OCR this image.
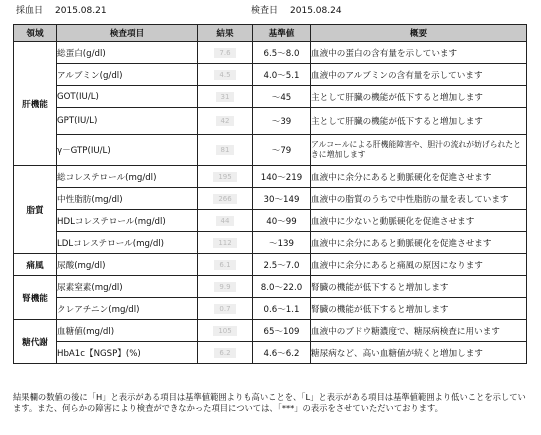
採血日 2015.08.21	検査日 2015.08.24
領域	検査項目	結果	基準値	概要
肝機能	総蛋白(g/dl)	7.6	6.5～8.0	血液中の蛋白の含有量を示しています
	アルブミン(g/dl)	4.5	4.0～5.1	血液中のアルブミンの含有量を示しています
	GOT(IU/L)	31	～45	主として肝臓の機能が低下すると増加します
	GPT(IU/L)	42	～39	主として肝臓の機能が低下すると増加します
	γ－GTP(IU/L)	81	～79	アルコールによる肝機能障害や、胆汁の流れが妨げられたときに増加します
脂質	総コレステロール(mg/dl)	195	140～219	血液中に余分にあると動脈硬化を促進させます
	中性脂肪(mg/dl)	266	30～149	血液中の脂質のうちで中性脂肪の量を表しています
	HDLコレステロール(mg/dl)	44	40～99	血液中に少ないと動脈硬化を促進させます
	LDLコレステロール(mg/dl)	112	～139	血液中に余分にあると動脈硬化を促進させます
痛風	尿酸(mg/dl)	6.1	2.5～7.0	血液中に余分にあると痛風の原因になります
腎機能	尿素窒素(mg/dl)	9.9	8.0～22.0	腎臓の機能が低下すると増加します
	クレアチニン(mg/dl)	0.7	0.6～1.1	腎臓の機能が低下すると増加します
糖代謝	血糖値(mg/dl)	105	65～109	血液中のブドウ糖濃度で、糖尿病検査に用います
	HbA1c【NGSP】(%)	6.2	4.6～6.2	糖尿病など、高い血糖値が続くと増加します
結果欄の数値の後に「H」と表示がある項目は基準値範囲よりも高いことを、「L」と表示がある項目は基準値範囲より低いことを示しています。また、何らかの障害により検査ができなかった項目については、「***」の表示をさせていただいております。
